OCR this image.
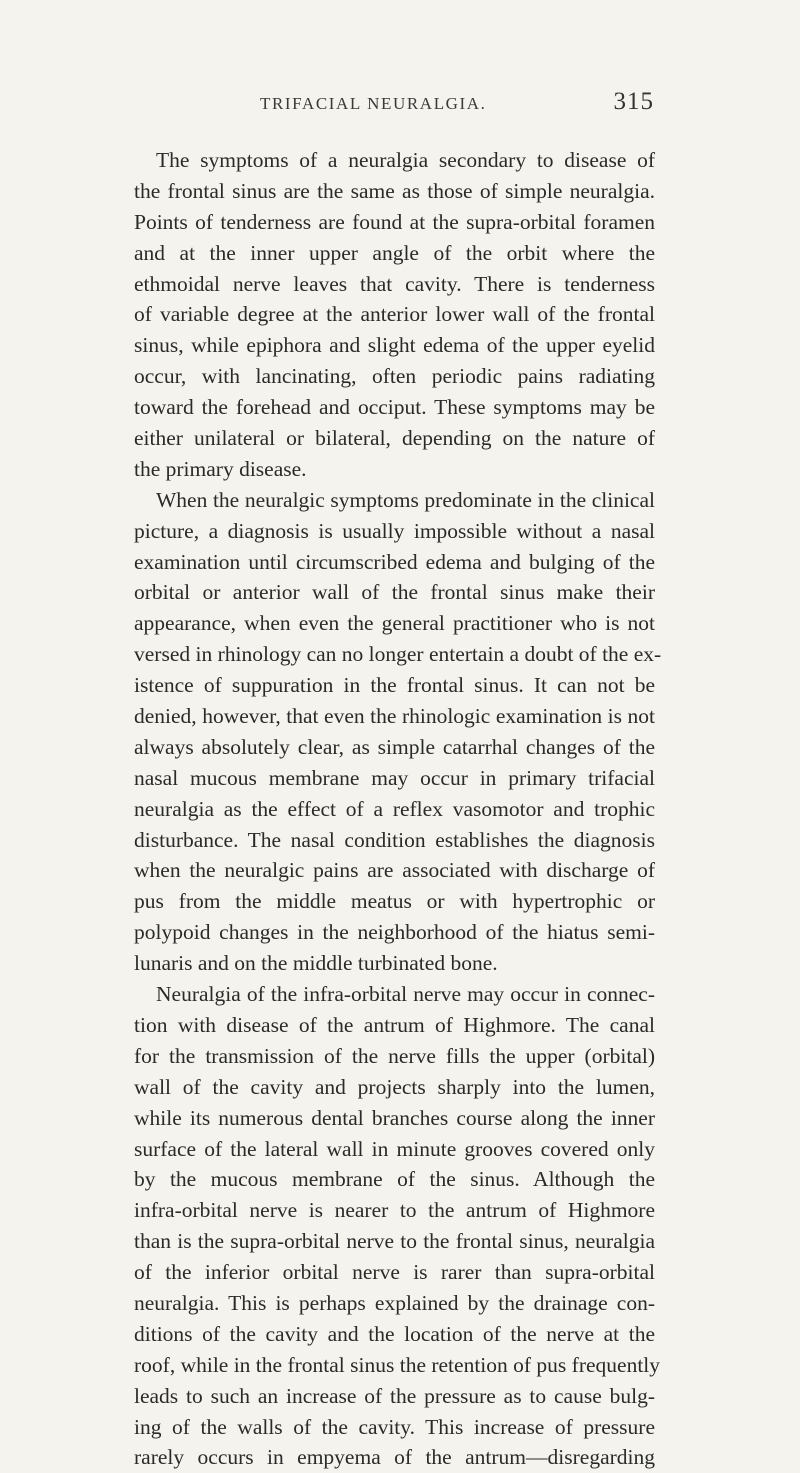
TRIFACIAL NEURALGIA.	315
The symptoms of a neuralgia secondary to disease of
the frontal sinus are the same as those of simple neuralgia.
Points of tenderness are found at the supra-orbital foramen
and at the inner upper angle of the orbit where the
ethmoidal nerve leaves that cavity. There is tenderness
of variable degree at the anterior lower wall of the frontal
sinus, while epiphora and slight edema of the upper eyelid
occur, with lancinating, often periodic pains radiating
toward the forehead and occiput. These symptoms may be
either unilateral or bilateral, depending on the nature of
the primary disease.
When the neuralgic symptoms predominate in the clinical
picture, a diagnosis is usually impossible without a nasal
examination until circumscribed edema and bulging of the
orbital or anterior wall of the frontal sinus make their
appearance, when even the general practitioner who is not
versed in rhinology can no longer entertain a doubt of the ex-
istence of suppuration in the frontal sinus. It can not be
denied, however, that even the rhinologic examination is not
always absolutely clear, as simple catarrhal changes of the
nasal mucous membrane may occur in primary trifacial
neuralgia as the effect of a reflex vasomotor and trophic
disturbance. The nasal condition establishes the diagnosis
when the neuralgic pains are associated with discharge of
pus from the middle meatus or with hypertrophic or
polypoid changes in the neighborhood of the hiatus semi-
lunaris and on the middle turbinated bone.
Neuralgia of the infra-orbital nerve may occur in connec-
tion with disease of the antrum of Highmore. The canal
for the transmission of the nerve fills the upper (orbital)
wall of the cavity and projects sharply into the lumen,
while its numerous dental branches course along the inner
surface of the lateral wall in minute grooves covered only
by the mucous membrane of the sinus. Although the
infra-orbital nerve is nearer to the antrum of Highmore
than is the supra-orbital nerve to the frontal sinus, neuralgia
of the inferior orbital nerve is rarer than supra-orbital
neuralgia. This is perhaps explained by the drainage con-
ditions of the cavity and the location of the nerve at the
roof, while in the frontal sinus the retention of pus frequently
leads to such an increase of the pressure as to cause bulg-
ing of the walls of the cavity. This increase of pressure
rarely occurs in empyema of the antrum—disregarding
